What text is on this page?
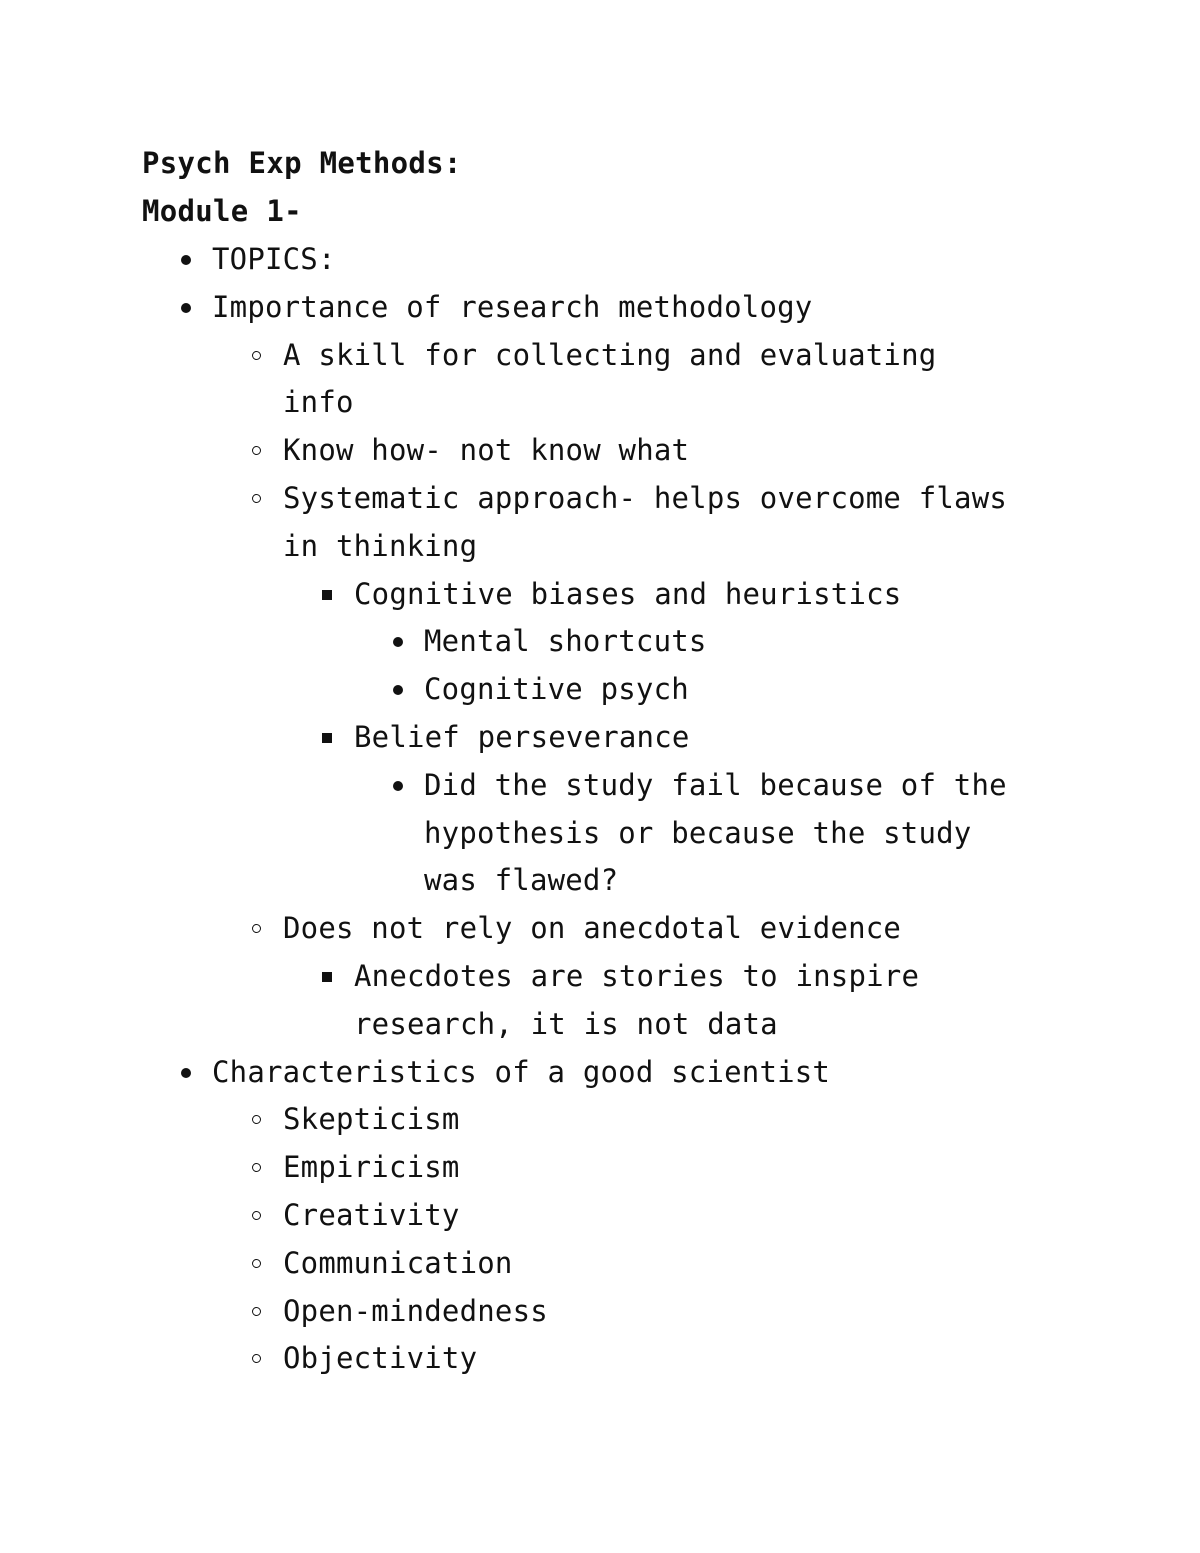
Psych Exp Methods:
Module 1-
TOPICS:
Importance of research methodology
A skill for collecting and evaluating
info
Know how- not know what
Systematic approach- helps overcome flaws
in thinking
Cognitive biases and heuristics
Mental shortcuts
Cognitive psych
Belief perseverance
Did the study fail because of the
hypothesis or because the study
was flawed?
Does not rely on anecdotal evidence
Anecdotes are stories to inspire
research, it is not data
Characteristics of a good scientist
Skepticism
Empiricism
Creativity
Communication
Open-mindedness
Objectivity
